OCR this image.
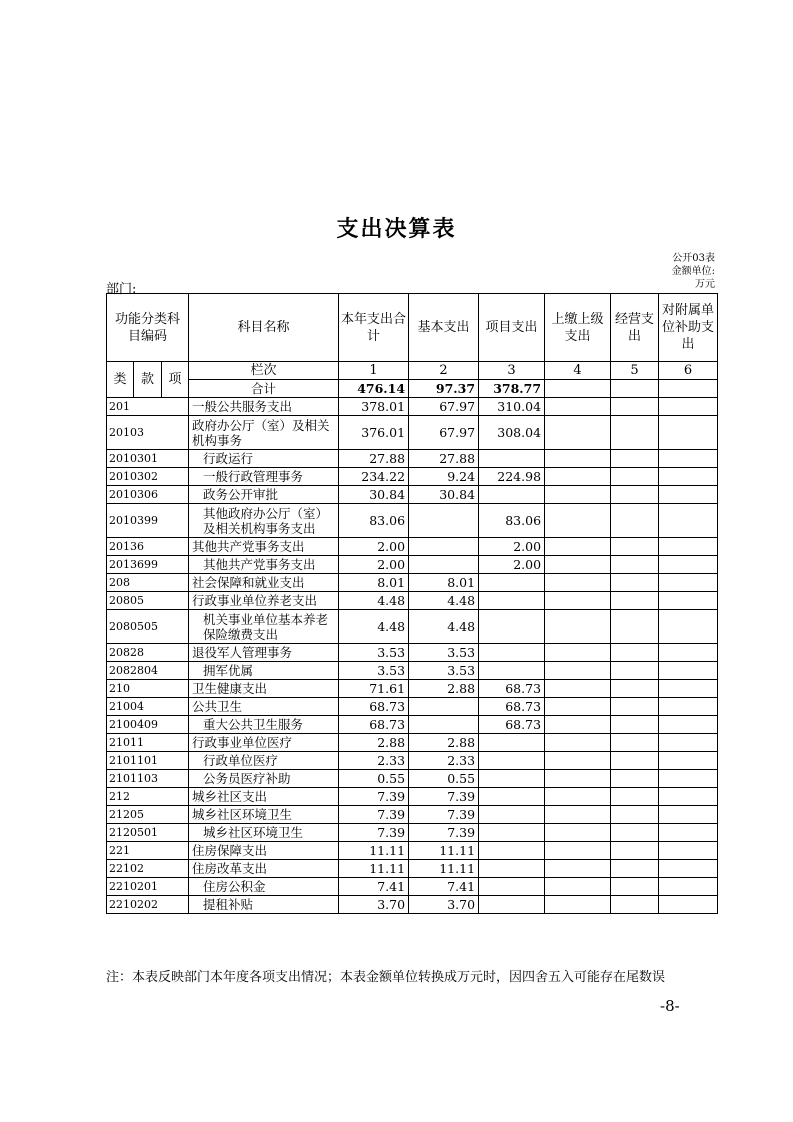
支出决算表
公开03表
金额单位:
万元
部门:
功能分类科目编码			科目名称	本年支出合计	基本支出	项目支出	上缴上级支出	经营支出	对附属单位补助支出
类	款	项	栏次	1	2	3	4	5	6
			合计	476.14	97.37	378.77			
201			一般公共服务支出	378.01	67.97	310.04			
20103			政府办公厅（室）及相关机构事务	376.01	67.97	308.04			
2010301			行政运行	27.88	27.88				
2010302			一般行政管理事务	234.22	9.24	224.98			
2010306			政务公开审批	30.84	30.84				
2010399			其他政府办公厅（室）及相关机构事务支出	83.06		83.06			
20136			其他共产党事务支出	2.00		2.00			
2013699			其他共产党事务支出	2.00		2.00			
208			社会保障和就业支出	8.01	8.01				
20805			行政事业单位养老支出	4.48	4.48				
2080505			机关事业单位基本养老保险缴费支出	4.48	4.48				
20828			退役军人管理事务	3.53	3.53				
2082804			拥军优属	3.53	3.53				
210			卫生健康支出	71.61	2.88	68.73			
21004			公共卫生	68.73		68.73			
2100409			重大公共卫生服务	68.73		68.73			
21011			行政事业单位医疗	2.88	2.88				
2101101			行政单位医疗	2.33	2.33				
2101103			公务员医疗补助	0.55	0.55				
212			城乡社区支出	7.39	7.39				
21205			城乡社区环境卫生	7.39	7.39				
2120501			城乡社区环境卫生	7.39	7.39				
221			住房保障支出	11.11	11.11				
22102			住房改革支出	11.11	11.11				
2210201			住房公积金	7.41	7.41				
2210202			提租补贴	3.70	3.70				
注：本表反映部门本年度各项支出情况；本表金额单位转换成万元时，因四舍五入可能存在尾数误
-8-
